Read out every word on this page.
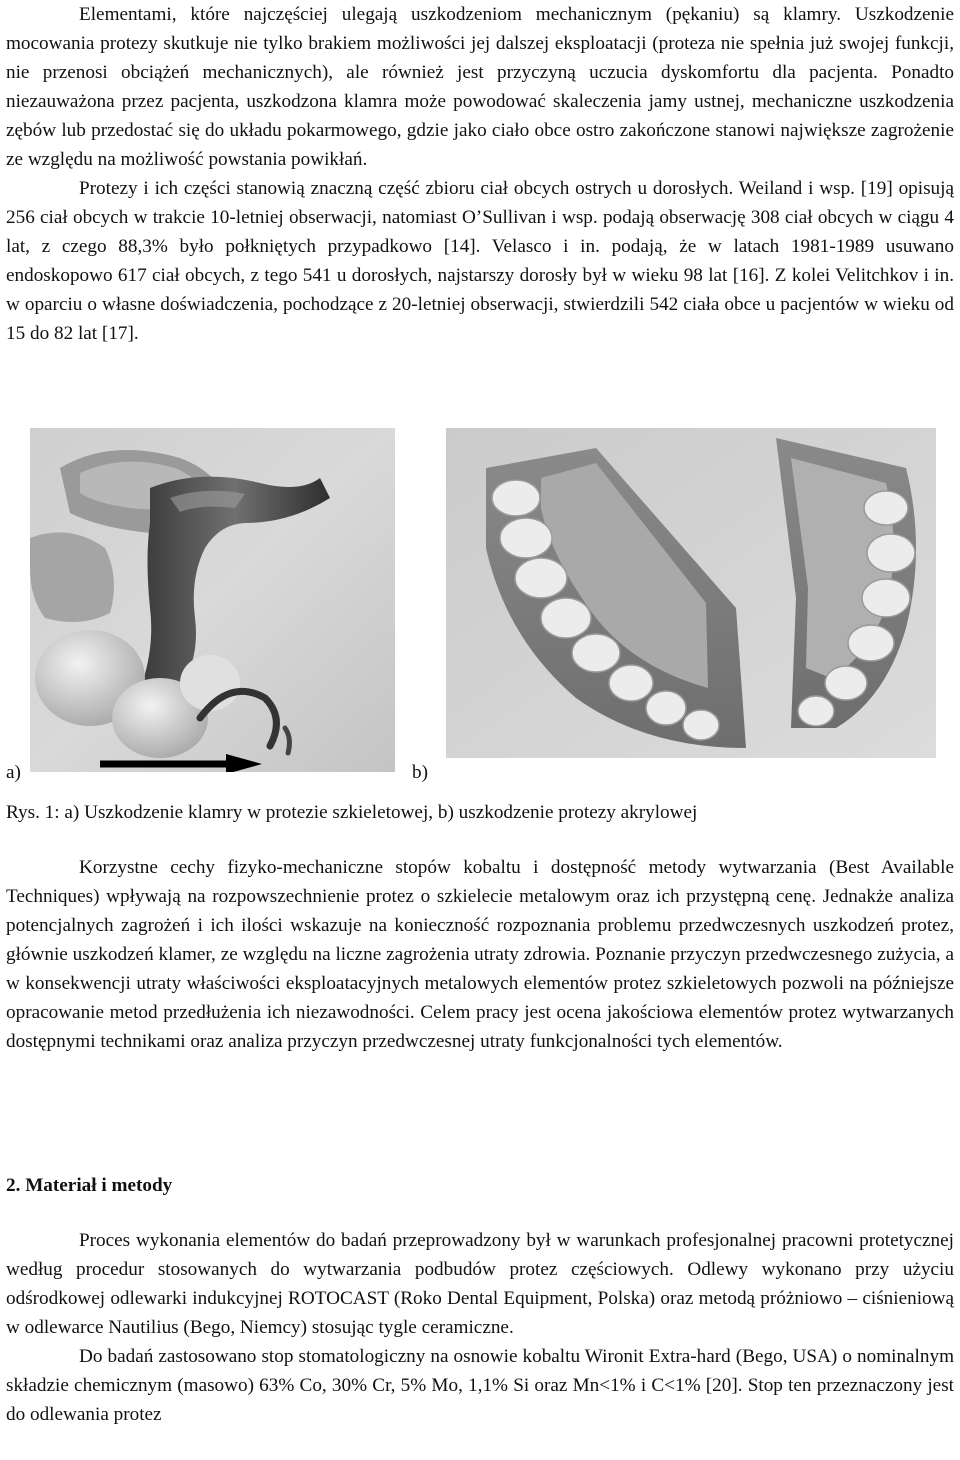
Elementami, które najczęściej ulegają uszkodzeniom mechanicznym (pękaniu) są klamry. Uszkodzenie mocowania protezy skutkuje nie tylko brakiem możliwości jej dalszej eksploatacji (proteza nie spełnia już swojej funkcji, nie przenosi obciążeń mechanicznych), ale również jest przyczyną uczucia dyskomfortu dla pacjenta. Ponadto niezauważona przez pacjenta, uszkodzona klamra może powodować skaleczenia jamy ustnej, mechaniczne uszkodzenia zębów lub przedostać się do układu pokarmowego, gdzie jako ciało obce ostro zakończone stanowi największe zagrożenie ze względu na możliwość powstania powikłań.

Protezy i ich części stanowią znaczną część zbioru ciał obcych ostrych u dorosłych. Weiland i wsp. [19] opisują 256 ciał obcych w trakcie 10-letniej obserwacji, natomiast O’Sullivan i wsp. podają obserwację 308 ciał obcych w ciągu 4 lat, z czego 88,3% było połkniętych przypadkowo [14]. Velasco i in. podają, że w latach 1981-1989 usuwano endoskopowo 617 ciał obcych, z tego 541 u dorosłych, najstarszy dorosły był w wieku 98 lat [16]. Z kolei Velitchkov i in. w oparciu o własne doświadczenia, pochodzące z 20-letniej obserwacji, stwierdzili 542 ciała obce u pacjentów w wieku od 15 do 82 lat [17].

a)	b)
Rys. 1: a) Uszkodzenie klamry w protezie szkieletowej, b) uszkodzenie protezy akrylowej

Korzystne cechy fizyko-mechaniczne stopów kobaltu i dostępność metody wytwarzania (Best Available Techniques) wpływają na rozpowszechnienie protez o szkielecie metalowym oraz ich przystępną cenę. Jednakże analiza potencjalnych zagrożeń i ich ilości wskazuje na konieczność rozpoznania problemu przedwczesnych uszkodzeń protez, głównie uszkodzeń klamer, ze względu na liczne zagrożenia utraty zdrowia. Poznanie przyczyn przedwczesnego zużycia, a w konsekwencji utraty właściwości eksploatacyjnych metalowych elementów protez szkieletowych pozwoli na późniejsze opracowanie metod przedłużenia ich niezawodności. Celem pracy jest ocena jakościowa elementów protez wytwarzanych dostępnymi technikami oraz analiza przyczyn przedwczesnej utraty funkcjonalności tych elementów.

2. Materiał i metody

Proces wykonania elementów do badań przeprowadzony był w warunkach profesjonalnej pracowni protetycznej według procedur stosowanych do wytwarzania podbudów protez częściowych. Odlewy wykonano przy użyciu odśrodkowej odlewarki indukcyjnej ROTOCAST (Roko Dental Equipment, Polska) oraz metodą próżniowo – ciśnieniową w odlewarce Nautilius (Bego, Niemcy) stosując tygle ceramiczne.

Do badań zastosowano stop stomatologiczny na osnowie kobaltu Wironit Extra-hard (Bego, USA) o nominalnym składzie chemicznym (masowo) 63% Co, 30% Cr, 5% Mo, 1,1% Si oraz Mn<1% i C<1% [20]. Stop ten przeznaczony jest do odlewania protez
